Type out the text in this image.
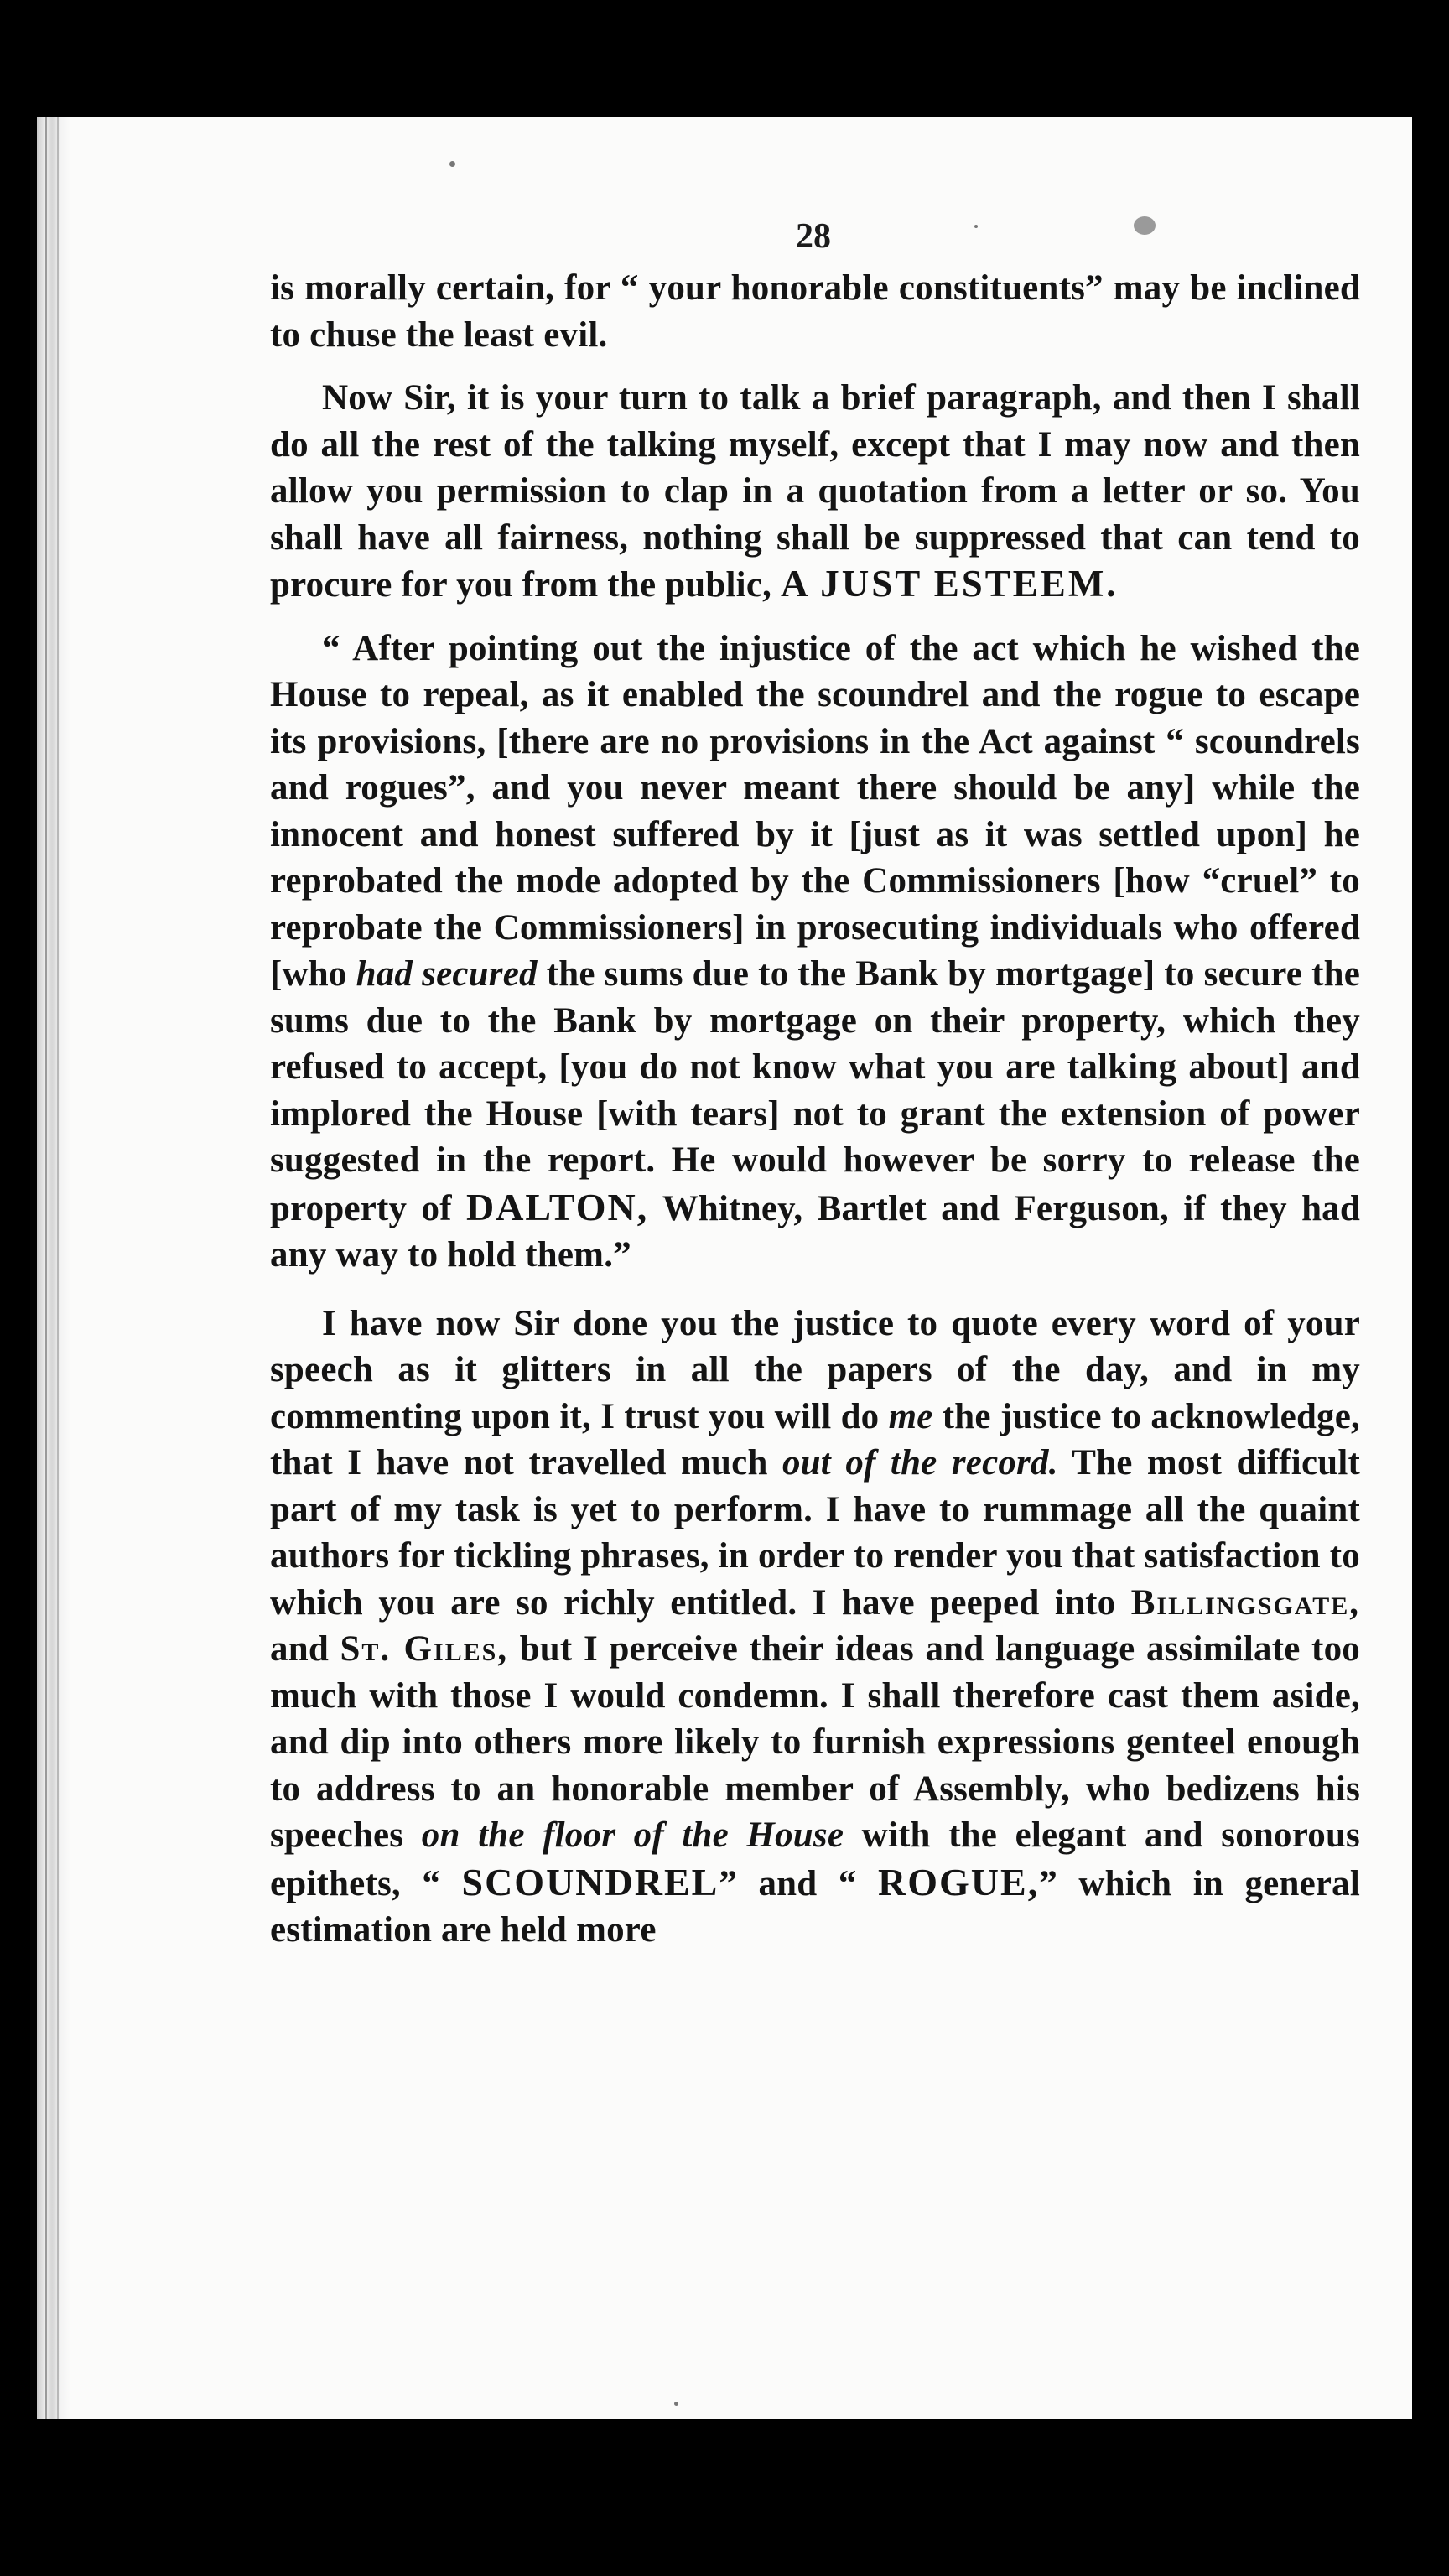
28

is morally certain, for “ your honorable constituents” may be inclined to chuse the least evil.

Now Sir, it is your turn to talk a brief paragraph, and then I shall do all the rest of the talking myself, except that I may now and then allow you permission to clap in a quotation from a letter or so. You shall have all fairness, nothing shall be suppressed that can tend to procure for you from the public, A JUST ESTEEM.

“ After pointing out the injustice of the act which he wished the House to repeal, as it enabled the scoundrel and the rogue to escape its provisions, [there are no provisions in the Act against “ scoundrels and rogues”, and you never meant there should be any] while the innocent and honest suffered by it [just as it was settled upon] he reprobated the mode adopted by the Commissioners [how “cruel” to reprobate the Commissioners] in prosecuting individuals who offered [who had secured the sums due to the Bank by mortgage] to secure the sums due to the Bank by mortgage on their property, which they refused to accept, [you do not know what you are talking about] and implored the House [with tears] not to grant the extension of power suggested in the report. He would however be sorry to release the property of DALTON, Whitney, Bartlet and Ferguson, if they had any way to hold them.”

I have now Sir done you the justice to quote every word of your speech as it glitters in all the papers of the day, and in my commenting upon it, I trust you will do me the justice to acknowledge, that I have not travelled much out of the record. The most difficult part of my task is yet to perform. I have to rummage all the quaint authors for tickling phrases, in order to render you that satisfaction to which you are so richly entitled. I have peeped into Billingsgate, and St. Giles, but I perceive their ideas and language assimilate too much with those I would condemn. I shall therefore cast them aside, and dip into others more likely to furnish expressions genteel enough to address to an honorable member of Assembly, who bedizens his speeches on the floor of the House with the elegant and sonorous epithets, “ SCOUNDREL” and “ ROGUE,” which in general estimation are held more
